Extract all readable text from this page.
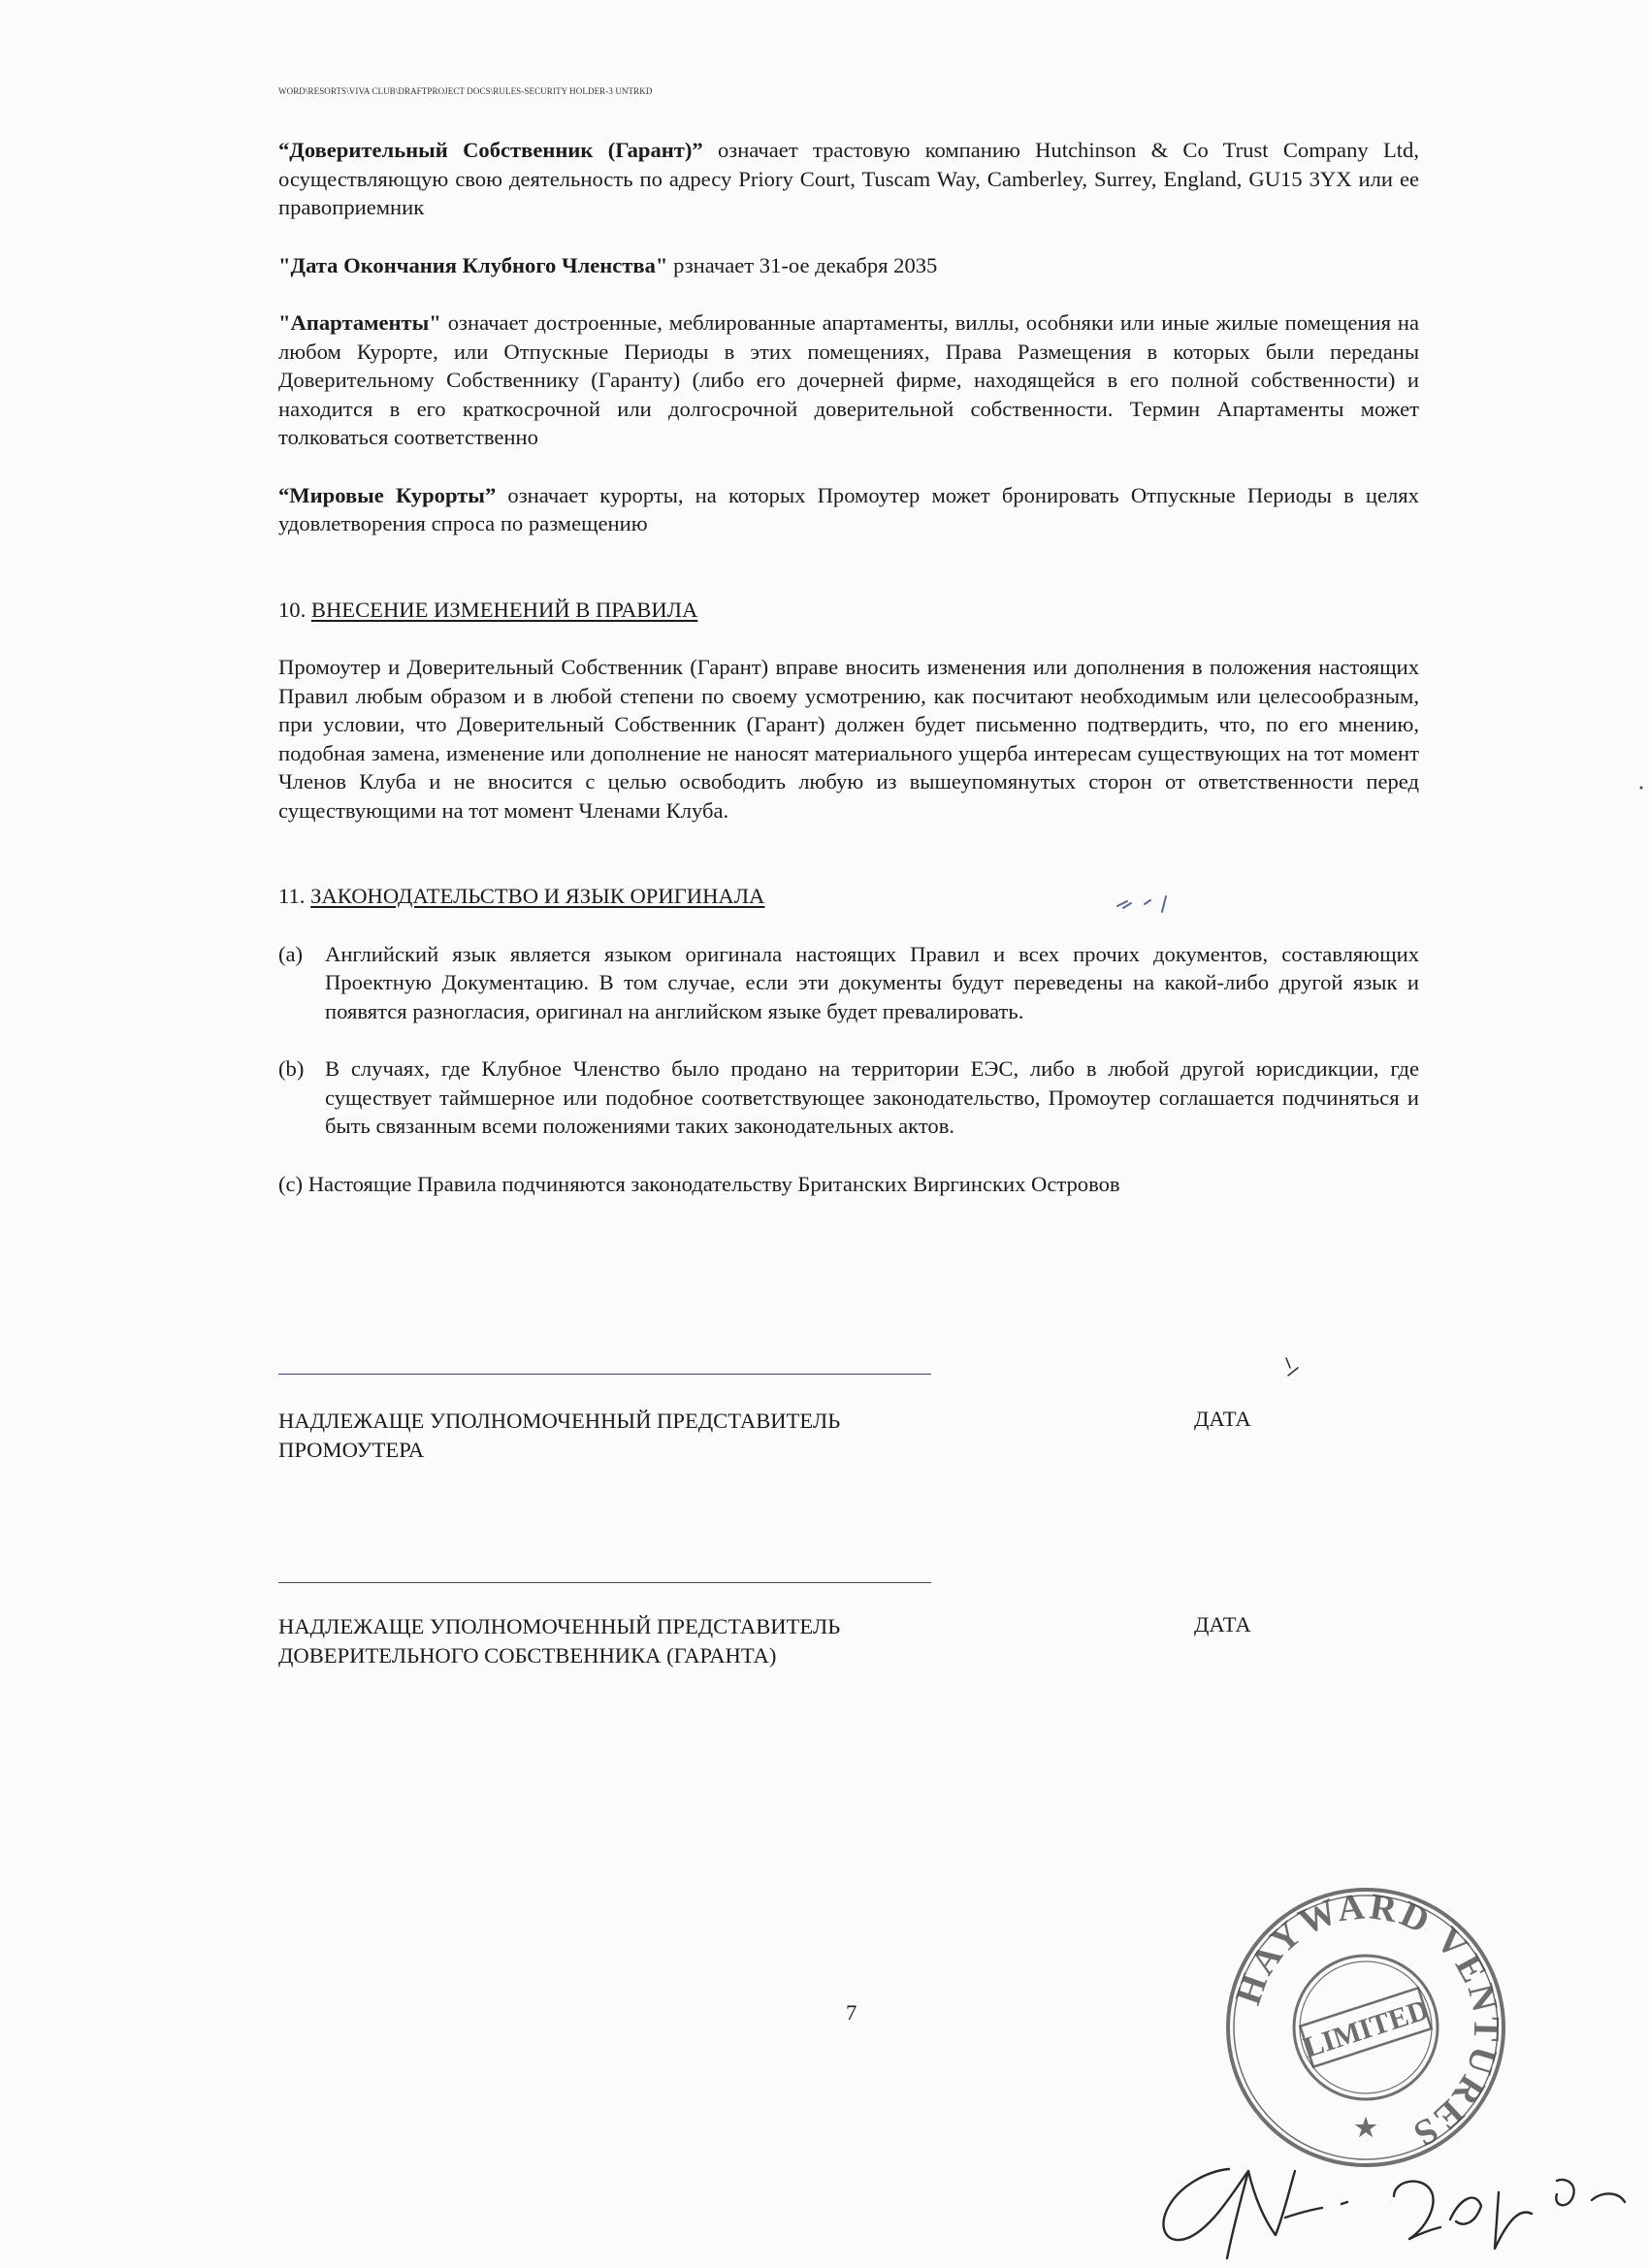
WORD\RESORTS\VIVA CLUB\DRAFTPROJECT DOCS\RULES-SECURITY HOLDER-3 UNTRKD

“Доверительный Собственник (Гарант)” означает трастовую компанию Hutchinson & Co Trust Company Ltd, осуществляющую свою деятельность по адресу Priory Court, Tuscam Way, Camberley, Surrey, England, GU15 3YX или ее правоприемник

"Дата Окончания Клубного Членства" рзначает 31-ое декабря 2035

"Апартаменты" означает достроенные, меблированные апартаменты, виллы, особняки или иные жилые помещения на любом Курорте, или Отпускные Периоды в этих помещениях, Права Размещения в которых были переданы Доверительному Собственнику (Гаранту) (либо его дочерней фирме, находящейся в его полной собственности) и находится в его краткосрочной или долгосрочной доверительной собственности. Термин Апартаменты может толковаться соответственно

“Мировые Курорты” означает курорты, на которых Промоутер может бронировать Отпускные Периоды в целях удовлетворения спроса по размещению

10. ВНЕСЕНИЕ ИЗМЕНЕНИЙ В ПРАВИЛА

Промоутер и Доверительный Собственник (Гарант) вправе вносить изменения или дополнения в положения настоящих Правил любым образом и в любой степени по своему усмотрению, как посчитают необходимым или целесообразным, при условии, что Доверительный Собственник (Гарант) должен будет письменно подтвердить, что, по его мнению, подобная замена, изменение или дополнение не наносят материального ущерба интересам существующих на тот момент Членов Клуба и не вносится с целью освободить любую из вышеупомянутых сторон от ответственности перед существующими на тот момент Членами Клуба.

11. ЗАКОНОДАТЕЛЬСТВО И ЯЗЫК ОРИГИНАЛА
(a)	Английский язык является языком оригинала настоящих Правил и всех прочих документов, составляющих Проектную Документацию. В том случае, если эти документы будут переведены на какой-либо другой язык и появятся разногласия, оригинал на английском языке будет превалировать.
(b) В случаях, где Клубное Членство было продано на территории ЕЭС, либо в любой другой юрисдикции, где существует таймшерное или подобное соответствующее законодательство, Промоутер соглашается подчиняться и быть связанным всеми положениями таких законодательных актов.

(c) Настоящие Правила подчиняются законодательству Британских Виргинских Островов

НАДЛЕЖАЩЕ УПОЛНОМОЧЕННЫЙ ПРЕДСТАВИТЕЛЬ
ПРОМОУТЕРА
ДАТА
НАДЛЕЖАЩЕ УПОЛНОМОЧЕННЫЙ ПРЕДСТАВИТЕЛЬ
ДОВЕРИТЕЛЬНОГО СОБСТВЕННИКА (ГАРАНТА)
ДАТА
7
HAYWARD VENTURES
LIMITED
★
